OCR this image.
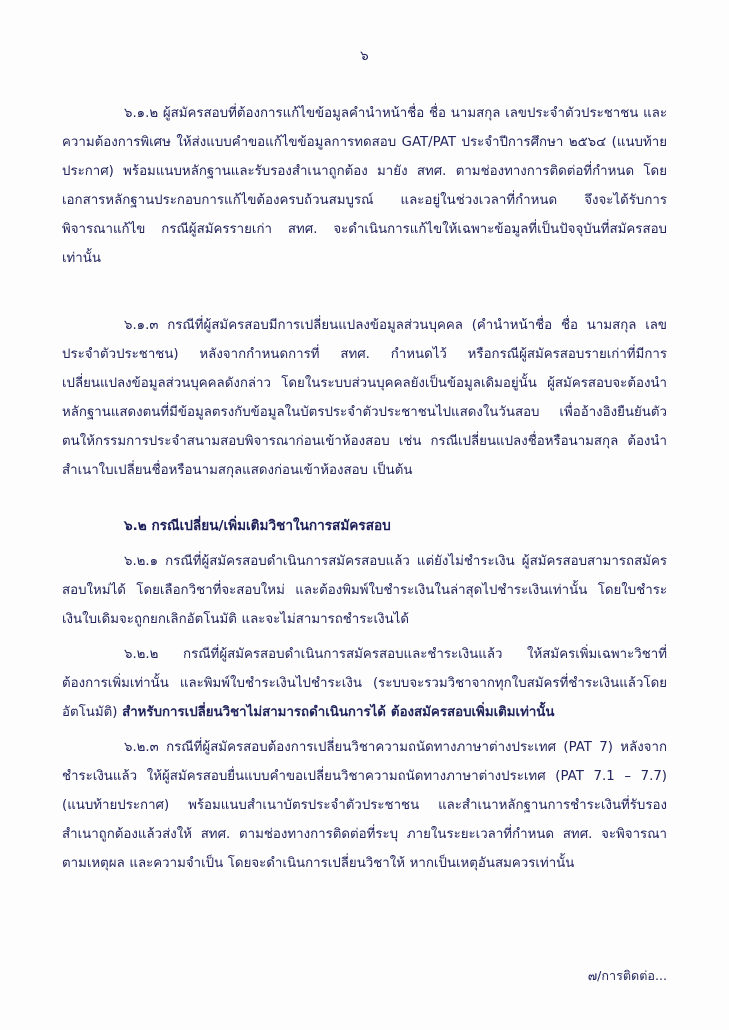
๖

๖.๑.๒ ผู้สมัครสอบที่ต้องการแก้ไขข้อมูลคำนำหน้าชื่อ ชื่อ นามสกุล เลขประจำตัวประชาชน และความต้องการพิเศษ ให้ส่งแบบคำขอแก้ไขข้อมูลการทดสอบ GAT/PAT ประจำปีการศึกษา ๒๕๖๔ (แนบท้ายประกาศ) พร้อมแนบหลักฐานและรับรองสำเนาถูกต้อง มายัง สทศ. ตามช่องทางการติดต่อที่กำหนด โดยเอกสารหลักฐานประกอบการแก้ไขต้องครบถ้วนสมบูรณ์ และอยู่ในช่วงเวลาที่กำหนด จึงจะได้รับการพิจารณาแก้ไข กรณีผู้สมัครรายเก่า สทศ. จะดำเนินการแก้ไขให้เฉพาะข้อมูลที่เป็นปัจจุบันที่สมัครสอบเท่านั้น

๖.๑.๓ กรณีที่ผู้สมัครสอบมีการเปลี่ยนแปลงข้อมูลส่วนบุคคล (คำนำหน้าชื่อ ชื่อ นามสกุล เลขประจำตัวประชาชน) หลังจากกำหนดการที่ สทศ. กำหนดไว้ หรือกรณีผู้สมัครสอบรายเก่าที่มีการเปลี่ยนแปลงข้อมูลส่วนบุคคลดังกล่าว โดยในระบบส่วนบุคคลยังเป็นข้อมูลเดิมอยู่นั้น ผู้สมัครสอบจะต้องนำหลักฐานแสดงตนที่มีข้อมูลตรงกับข้อมูลในบัตรประจำตัวประชาชนไปแสดงในวันสอบ เพื่ออ้างอิงยืนยันตัวตนให้กรรมการประจำสนามสอบพิจารณาก่อนเข้าห้องสอบ เช่น กรณีเปลี่ยนแปลงชื่อหรือนามสกุล ต้องนำสำเนาใบเปลี่ยนชื่อหรือนามสกุลแสดงก่อนเข้าห้องสอบ เป็นต้น

๖.๒ กรณีเปลี่ยน/เพิ่มเติมวิชาในการสมัครสอบ

๖.๒.๑ กรณีที่ผู้สมัครสอบดำเนินการสมัครสอบแล้ว แต่ยังไม่ชำระเงิน ผู้สมัครสอบสามารถสมัครสอบใหม่ได้ โดยเลือกวิชาที่จะสอบใหม่ และต้องพิมพ์ใบชำระเงินในล่าสุดไปชำระเงินเท่านั้น โดยใบชำระเงินใบเดิมจะถูกยกเลิกอัตโนมัติ และจะไม่สามารถชำระเงินได้

๖.๒.๒ กรณีที่ผู้สมัครสอบดำเนินการสมัครสอบและชำระเงินแล้ว ให้สมัครเพิ่มเฉพาะวิชาที่ต้องการเพิ่มเท่านั้น และพิมพ์ใบชำระเงินไปชำระเงิน (ระบบจะรวมวิชาจากทุกใบสมัครที่ชำระเงินแล้วโดยอัตโนมัติ) สำหรับการเปลี่ยนวิชาไม่สามารถดำเนินการได้ ต้องสมัครสอบเพิ่มเติมเท่านั้น

๖.๒.๓ กรณีที่ผู้สมัครสอบต้องการเปลี่ยนวิชาความถนัดทางภาษาต่างประเทศ (PAT 7) หลังจากชำระเงินแล้ว ให้ผู้สมัครสอบยื่นแบบคำขอเปลี่ยนวิชาความถนัดทางภาษาต่างประเทศ (PAT 7.1 – 7.7) (แนบท้ายประกาศ) พร้อมแนบสำเนาบัตรประจำตัวประชาชน และสำเนาหลักฐานการชำระเงินที่รับรองสำเนาถูกต้องแล้วส่งให้ สทศ. ตามช่องทางการติดต่อที่ระบุ ภายในระยะเวลาที่กำหนด สทศ. จะพิจารณาตามเหตุผล และความจำเป็น โดยจะดำเนินการเปลี่ยนวิชาให้ หากเป็นเหตุอันสมควรเท่านั้น

๗/การติดต่อ...
